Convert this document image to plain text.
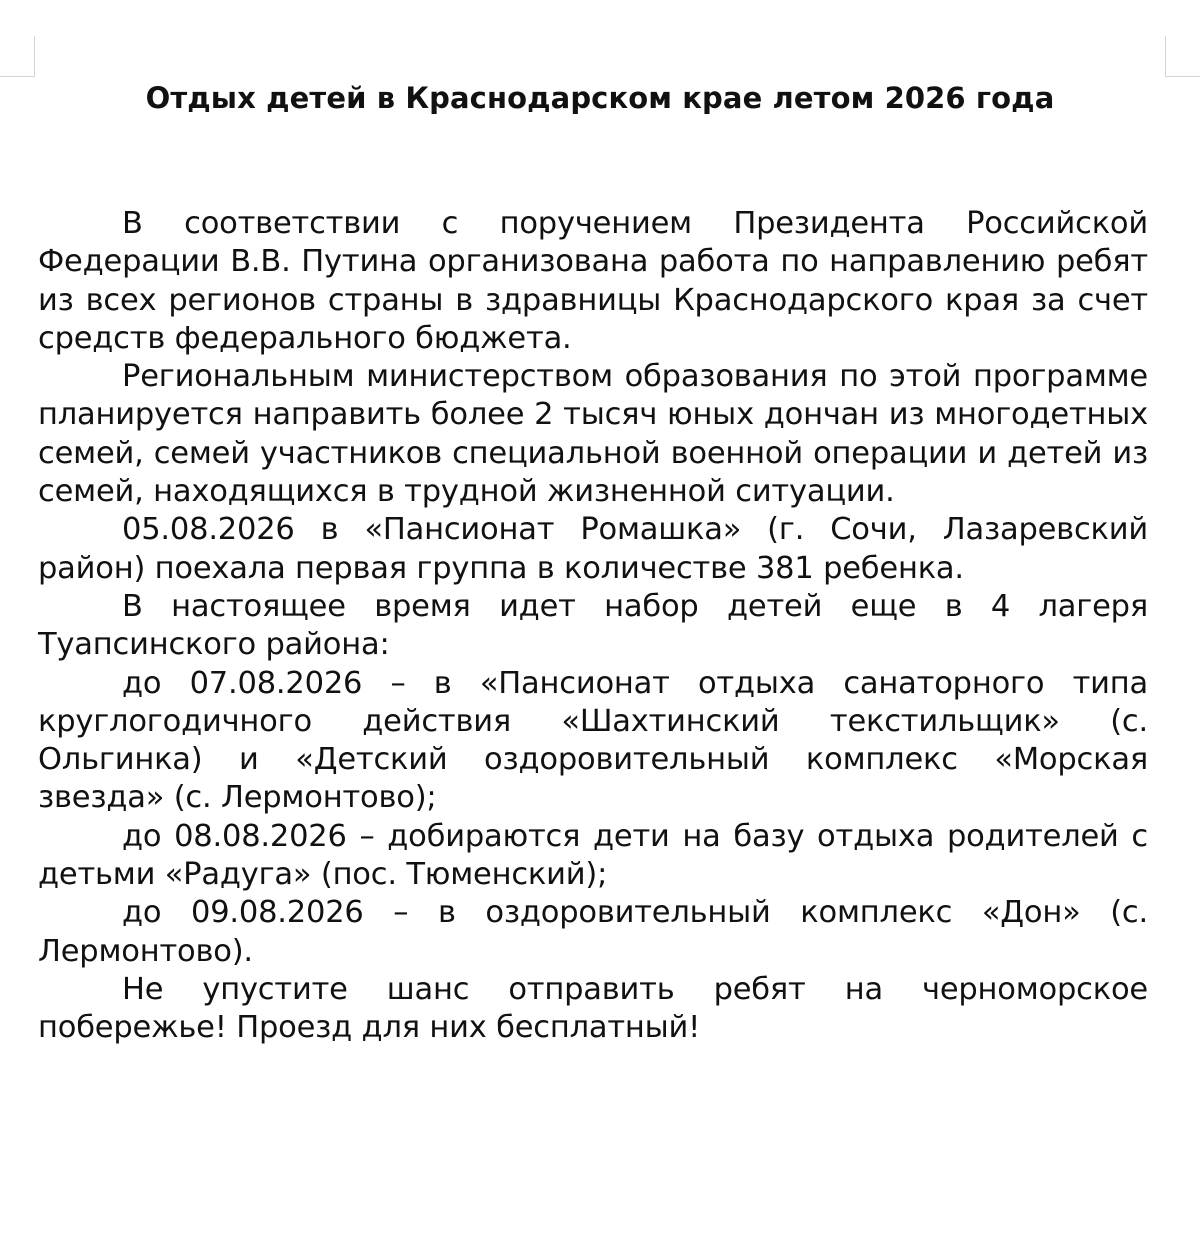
Отдых детей в Краснодарском крае летом 2026 года

В соответствии с поручением Президента Российской Федерации В.В. Путина организована работа по направлению ребят из всех регионов страны в здравницы Краснодарского края за счет средств федерального бюджета.

Региональным министерством образования по этой программе планируется направить более 2 тысяч юных дончан из многодетных семей, семей участников специальной военной операции и детей из семей, находящихся в трудной жизненной ситуации.

05.08.2026 в «Пансионат Ромашка» (г. Сочи, Лазаревский район) поехала первая группа в количестве 381 ребенка.

В настоящее время идет набор детей еще в 4 лагеря Туапсинского района:

до 07.08.2026 – в «Пансионат отдыха санаторного типа круглогодичного действия «Шахтинский текстильщик» (с. Ольгинка) и «Детский оздоровительный комплекс «Морская звезда» (с. Лермонтово);

до 08.08.2026 – добираются дети на базу отдыха родителей с детьми «Радуга» (пос. Тюменский);

до 09.08.2026 – в оздоровительный комплекс «Дон» (с. Лермонтово).

Не упустите шанс отправить ребят на черноморское побережье! Проезд для них бесплатный!
